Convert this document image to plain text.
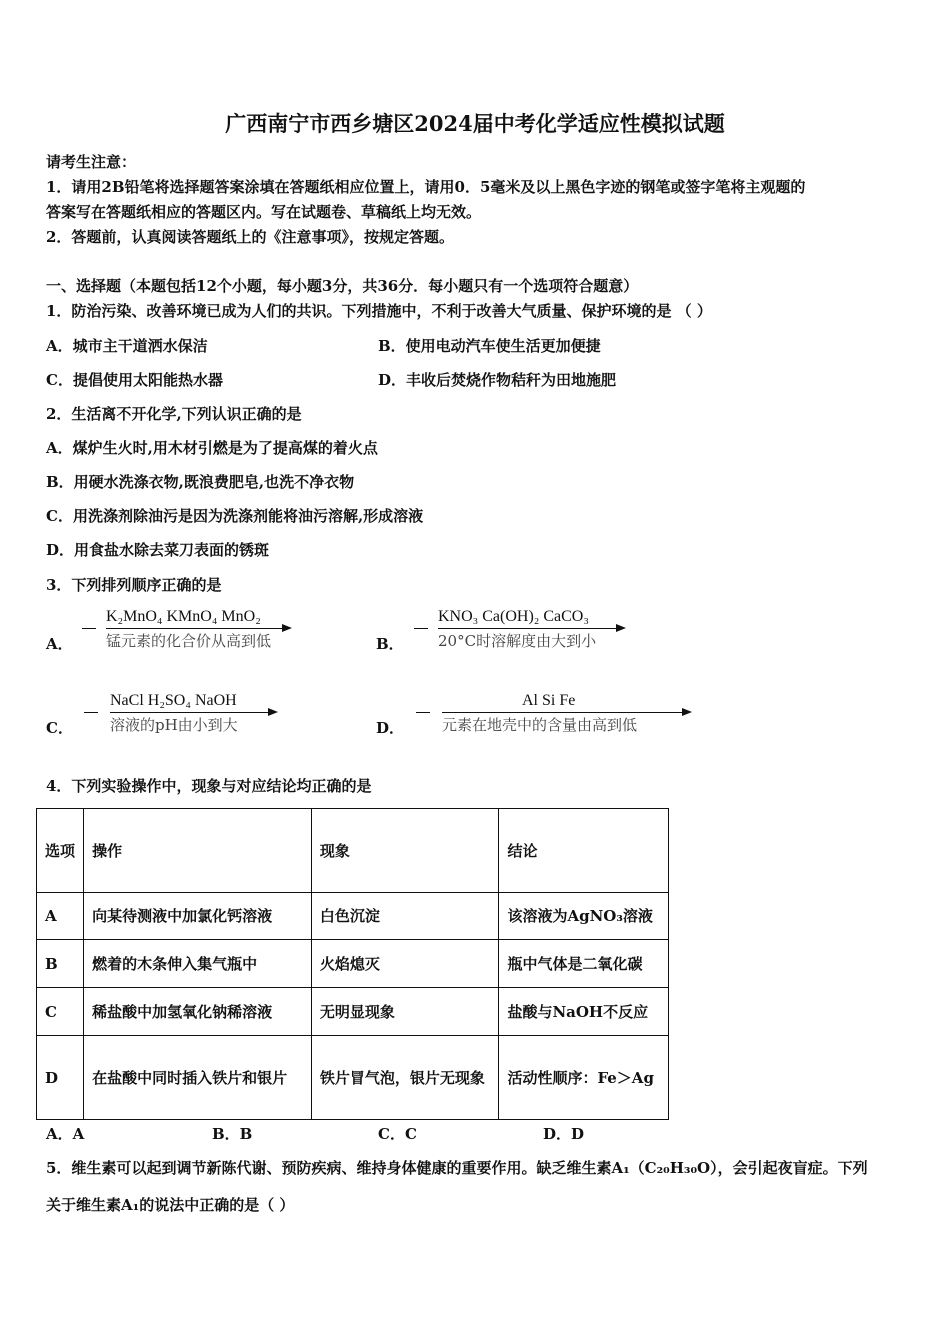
广西南宁市西乡塘区2024届中考化学适应性模拟试题
请考生注意：
1．请用2B铅笔将选择题答案涂填在答题纸相应位置上，请用0．5毫米及以上黑色字迹的钢笔或签字笔将主观题的
答案写在答题纸相应的答题区内。写在试题卷、草稿纸上均无效。
2．答题前，认真阅读答题纸上的《注意事项》，按规定答题。
一、选择题（本题包括12个小题，每小题3分，共36分．每小题只有一个选项符合题意）
1．防治污染、改善环境已成为人们的共识。下列措施中，不利于改善大气质量、保护环境的是 （ ）
A．城市主干道洒水保洁	B．使用电动汽车使生活更加便捷
C．提倡使用太阳能热水器	D．丰收后焚烧作物秸秆为田地施肥
2．生活离不开化学,下列认识正确的是
A．煤炉生火时,用木材引燃是为了提高煤的着火点
B．用硬水洗涤衣物,既浪费肥皂,也洗不净衣物
C．用洗涤剂除油污是因为洗涤剂能将油污溶解,形成溶液
D．用食盐水除去菜刀表面的锈斑
3．下列排列顺序正确的是
A．
K₂MnO₄ KMnO₄ MnO₂
锰元素的化合价从高到低	B．
KNO₃ Ca(OH)₂ CaCO₃
20°C时溶解度由大到小
C．
NaCl H₂SO₄ NaOH
溶液的pH由小到大	D．
Al Si Fe
元素在地壳中的含量由高到低
4．下列实验操作中，现象与对应结论均正确的是
选项	操作	现象	结论
A	向某待测液中加氯化钙溶液	白色沉淀	该溶液为AgNO₃溶液
B	燃着的木条伸入集气瓶中	火焰熄灭	瓶中气体是二氧化碳
C	稀盐酸中加氢氧化钠稀溶液	无明显现象	盐酸与NaOH不反应
D	在盐酸中同时插入铁片和银片	铁片冒气泡，银片无现象	活动性顺序：Fe＞Ag
A．A	B．B	C．C	D．D
5．维生素可以起到调节新陈代谢、预防疾病、维持身体健康的重要作用。缺乏维生素A₁（C₂₀H₃₀O），会引起夜盲症。下列
关于维生素A₁的说法中正确的是（ ）
